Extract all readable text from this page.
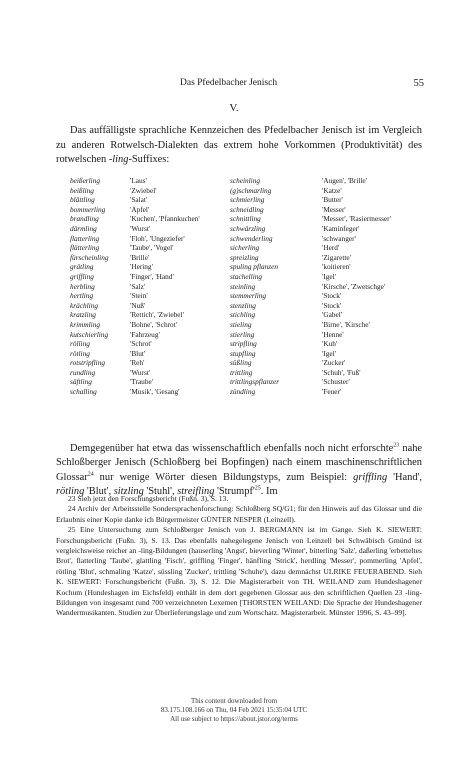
Das Pfedelbacher Jenisch	55
V.

Das auffälligste sprachliche Kennzeichen des Pfedelbacher Jenisch ist im Vergleich zu anderen Rotwelsch-Dialekten das extrem hohe Vorkommen (Produktivität) des rotwelschen -ling-Suffixes:

beißerling	'Laus'	scheinling	'Augen', 'Brille'
beißling	'Zwiebel'	(g)schmarling	'Katze'
blättling	'Salat'	schmierling	'Butter'
bommerling	'Apfel'	schneidling	'Messer'
brandling	'Kuchen', 'Pfannkuchen'	schnittling	'Messer', 'Rasiermesser'
därmling	'Wurst'	schwärzling	'Kaminfeger'
flatterling	'Floh', 'Ungeziefer'	schwenderling	'schwanger'
flätterling	'Taube', 'Vogel'	sicherling	'Herd'
fürscheinling	'Brille'	spreizling	'Zigarette'
grätling	'Hering'	spuling pflanzen	'koitieren'
griffling	'Finger', 'Hand'	stachelling	'Igel'
herbling	'Salz'	steinling	'Kirsche', 'Zwetschge'
hertling	'Stein'	stemmerling	'Stock'
krächling	'Nuß'	stenzling	'Stock'
kratzling	'Rettich', 'Zwiebel'	stichling	'Gabel'
krimmling	'Bohne', 'Schrot'	stieling	'Birne', 'Kirsche'
kutschierling	'Fahrzeug'	stierling	'Henne'
rölling	'Schrot'	stripfling	'Kuh'
rötling	'Blut'	stupfling	'Igel'
rotstripfling	'Reh'	süßling	'Zucker'
rundling	'Wurst'	trittling	'Schuh', 'Fuß'
säftling	'Traube'	trittlingspflanzer	'Schuster'
schalling	'Musik', 'Gesang'	zündling	'Feuer'

Demgegenüber hat etwa das wissenschaftlich ebenfalls noch nicht erforschte$^{23}$ nahe Schloßberger Jenisch (Schloßberg bei Bopfingen) nach einem maschinenschriftlichen Glossar$^{24}$ nur wenige Wörter diesen Bildungstyps, zum Beispiel: griffling 'Hand', rötling 'Blut', sitzling 'Stuhl', streifling '$Strumpf'^{25}$. Im

23 Sieh jetzt den Forschungsbericht (Fußn. 3), S. 13.

24 Archiv der Arbeitsstelle Sondersprachenforschung: Schloßberg SQ/G1; für den Hinweis auf das Glossar und die Erlaubnis einer Kopie danke ich Bürgermeister GÜNTER NESPER (Leinzell).

25 Eine Untersuchung zum Schloßberger Jenisch von J. BERGMANN ist im Gange. Sieh K. SIEWERT: Forschungsbericht (Fußn. 3), S. 13. Das ebenfalls nahegelegene Jenisch von Leinzell bei Schwäbisch Gmünd ist vergleichsweise reicher an -ling-Bildungen (hauserling 'Angst', bieverling 'Winter', bitterling 'Salz', daßerling 'erbetteltes Brot', flatterling 'Taube', glattling 'Fisch', griffling 'Finger', hänfling 'Strick', herdling 'Messer', pommerling 'Apfel', rötling 'Blut', schmaling 'Katze', süssling 'Zucker', trittling 'Schuhe'), dazu demnächst ULRIKE FEUERABEND. Sieh K. SIEWERT: Forschungsbericht (Fußn. 3), S. 12. Die Magisterarbeit von TH. WEILAND zum Hundeshagener Kochum (Hundeshagen im Eichsfeld) enthält in dem dort gegebenen Glossar aus den schriftlichen Quellen 23 -ling-Bildungen von insgesamt rund 700 verzeichneten Lexemen [THORSTEN WEILAND: Die Sprache der Hundeshagener Wandermusikanten. Studien zur Überlieferungslage und zum Wortschatz. Magisterarbeit. Münster 1996, S. 43–99].

This content downloaded from
83.175.108.166 on Thu, 04 Feb 2021 15:35:04 UTC
All use subject to https://about.jstor.org/terms
